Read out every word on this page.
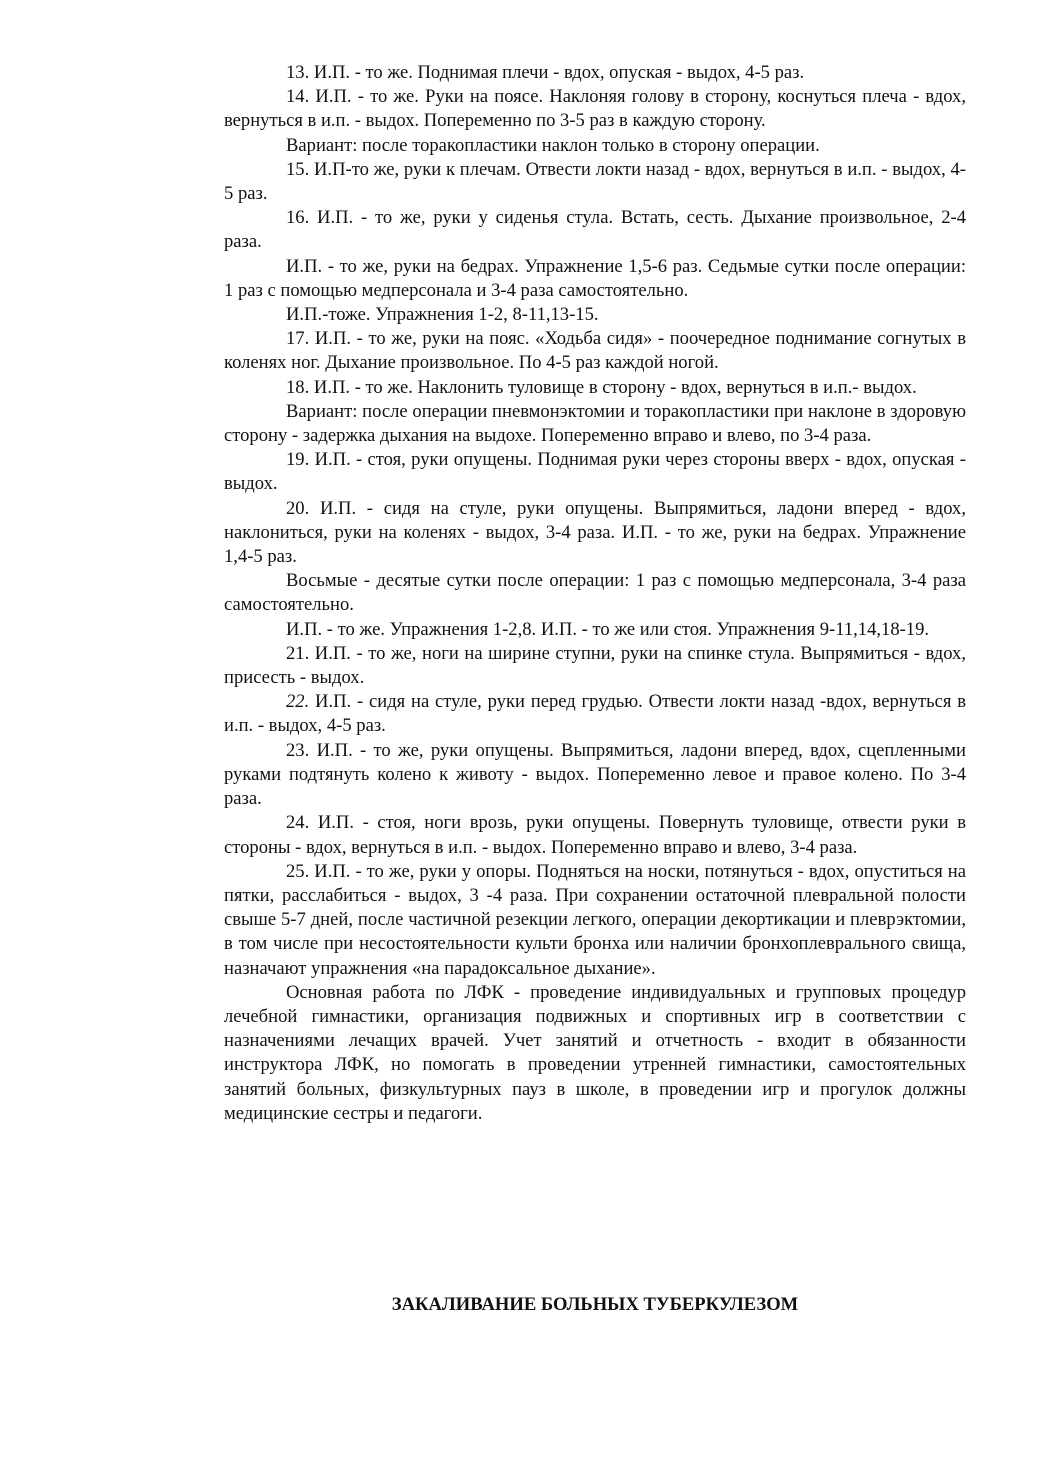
13. И.П. - то же. Поднимая плечи - вдох, опуская - выдох, 4-5 раз.

14. И.П. - то же. Руки на поясе. Наклоняя голову в сторону, коснуться плеча - вдох, вернуться в и.п. - выдох. Попеременно по 3-5 раз в каждую сторону.

Вариант: после торакопластики наклон только в сторону операции.

15. И.П-то же, руки к плечам. Отвести локти назад - вдох, вернуться в и.п. - выдох, 4-5 раз.

16. И.П. - то же, руки у сиденья стула. Встать, сесть. Дыхание произвольное, 2-4 раза.

И.П. - то же, руки на бедрах. Упражнение 1,5-6 раз. Седьмые сутки после операции: 1 раз с помощью медперсонала и 3-4 раза самостоятельно.

И.П.-тоже. Упражнения 1-2, 8-11,13-15.

17. И.П. - то же, руки на пояс. «Ходьба сидя» - поочередное поднимание согнутых в коленях ног. Дыхание произвольное. По 4-5 раз каждой ногой.

18. И.П. - то же. Наклонить туловище в сторону - вдох, вернуться в и.п.- выдох.

Вариант: после операции пневмонэктомии и торакопластики при наклоне в здоровую сторону - задержка дыхания на выдохе. Попеременно вправо и влево, по 3-4 раза.

19. И.П. - стоя, руки опущены. Поднимая руки через стороны вверх - вдох, опуская - выдох.

20. И.П. - сидя на стуле, руки опущены. Выпрямиться, ладони вперед - вдох, наклониться, руки на коленях - выдох, 3-4 раза. И.П. - то же, руки на бедрах. Упражнение 1,4-5 раз.

Восьмые - десятые сутки после операции: 1 раз с помощью медперсонала, 3-4 раза самостоятельно.

И.П. - то же. Упражнения 1-2,8. И.П. - то же или стоя. Упражнения 9-11,14,18-19.

21. И.П. - то же, ноги на ширине ступни, руки на спинке стула. Выпрямиться - вдох, присесть - выдох.

22. И.П. - сидя на стуле, руки перед грудью. Отвести локти назад -вдох, вернуться в и.п. - выдох, 4-5 раз.

23. И.П. - то же, руки опущены. Выпрямиться, ладони вперед, вдох, сцепленными руками подтянуть колено к животу - выдох. Попеременно левое и правое колено. По 3-4 раза.

24. И.П. - стоя, ноги врозь, руки опущены. Повернуть туловище, отвести руки в стороны - вдох, вернуться в и.п. - выдох. Попеременно вправо и влево, 3-4 раза.

25. И.П. - то же, руки у опоры. Подняться на носки, потянуться - вдох, опуститься на пятки, расслабиться - выдох, 3 -4 раза. При сохранении остаточной плевральной полости свыше 5-7 дней, после частичной резекции легкого, операции декортикации и плеврэктомии, в том числе при несостоятельности культи бронха или наличии бронхоплеврального свища, назначают упражнения «на парадоксальное дыхание».

Основная работа по ЛФК - проведение индивидуальных и групповых процедур лечебной гимнастики, организация подвижных и спортивных игр в соответствии с назначениями лечащих врачей. Учет занятий и отчетность - входит в обязанности инструктора ЛФК, но помогать в проведении утренней гимнастики, самостоятельных занятий больных, физкультурных пауз в школе, в проведении игр и прогулок должны медицинские сестры и педагоги.

ЗАКАЛИВАНИЕ БОЛЬНЫХ ТУБЕРКУЛЕЗОМ
